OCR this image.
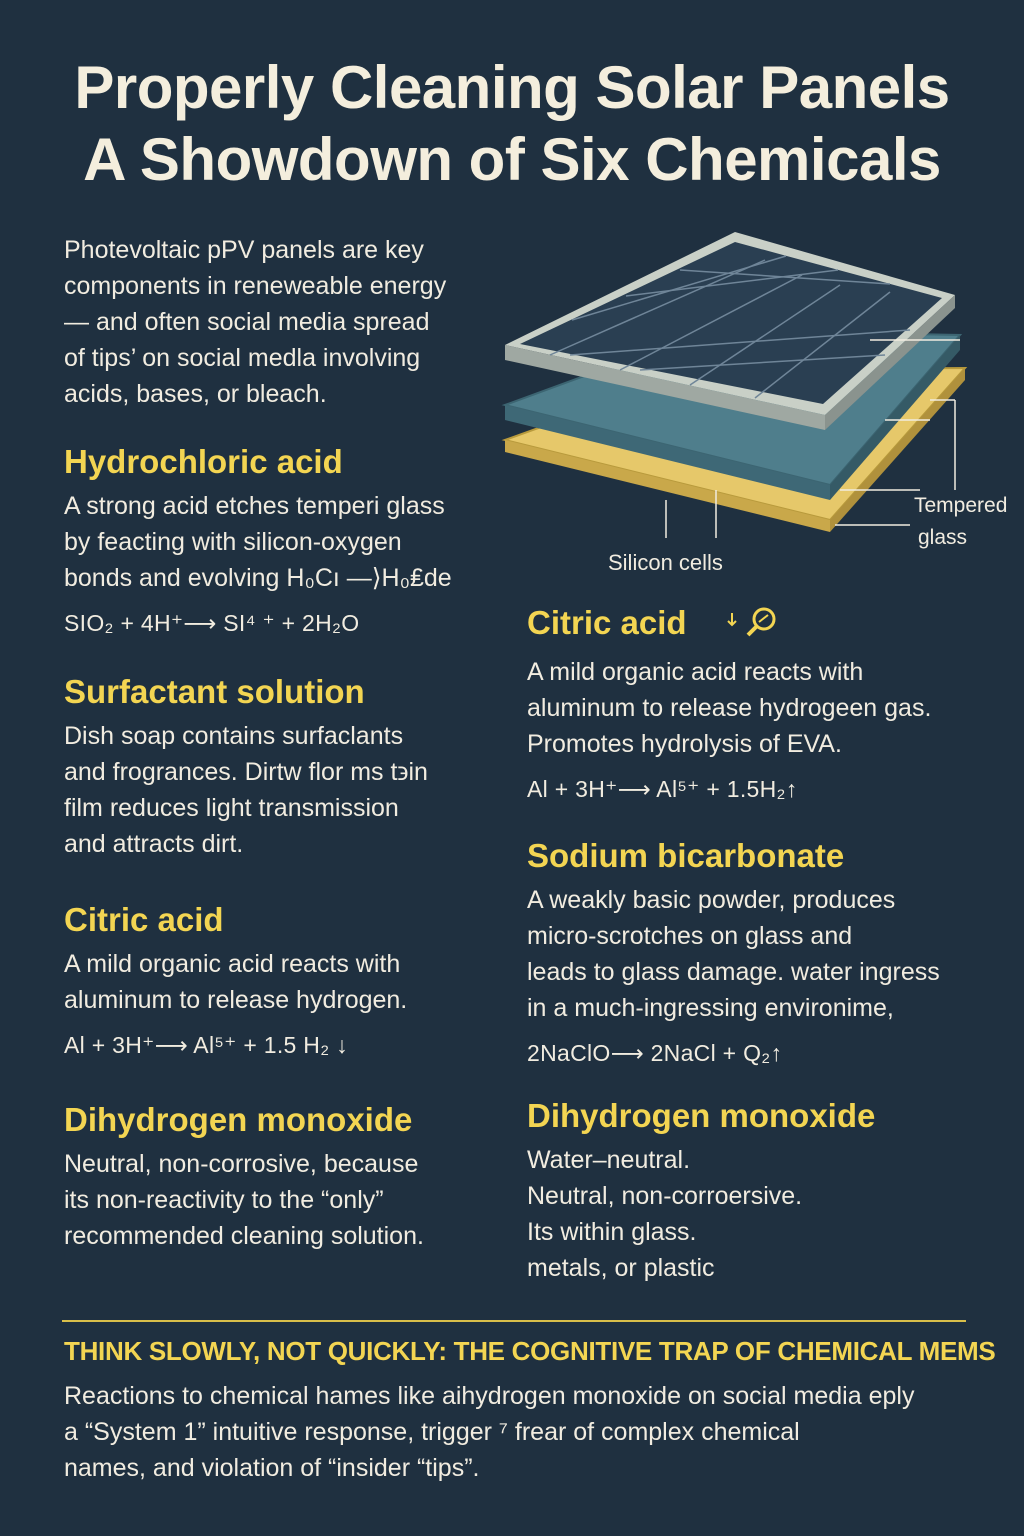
Properly Cleaning Solar Panels
A Showdown of Six Chemicals
Photevoltaic pPV panels are key
components in reneweable energy
— and often social media spread
of tips’ on social medla involving
acids, bases, or bleach.
Silicon cells
Tempered
glass
Hydrochloric acid
A strong acid etches temperi glass
by feacting with silicon-oxygen
bonds and evolving H₀Cı —⟩H₀₤de
SIO₂ + 4H⁺⟶ SI⁴ ⁺ + 2H₂O
Surfactant solution
Dish soap contains surfaclants
and frogrances. Dirtw flor ms t϶in
film reduces light transmission
and attracts dirt.
Citric acid
A mild organic acid reacts with
aluminum to release hydrogen.
Al + 3H⁺⟶ Al⁵⁺ + 1.5 H₂ ↓
Dihydrogen monoxide
Neutral, non-corrosive, because
its non-reactivity to the “only”
recommended cleaning solution.
Citric acid
A mild organic acid reacts with
aluminum to release hydrogeen gas.
Promotes hydrolysis of EVA.
Al + 3H⁺⟶ Al⁵⁺ + 1.5H₂↑
Sodium bicarbonate
A weakly basic powder, produces
micro-scrotches on glass and
leads to glass damage. water ingress
in a much-ingressing environime,
2NaClO⟶ 2NaCl + Q₂↑
Dihydrogen monoxide
Water–neutral.
Neutral, non-corroersive.
Its within glass.
metals, or plastic
THINK SLOWLY, NOT QUICKLY: THE COGNITIVE TRAP OF CHEMICAL MEMS
Reactions to chemical hames like aihydrogen monoxide on social media eply
a “System 1” intuitive response, trigger ⁷ frear of complex chemical
names, and violation of “insider “tips”.
